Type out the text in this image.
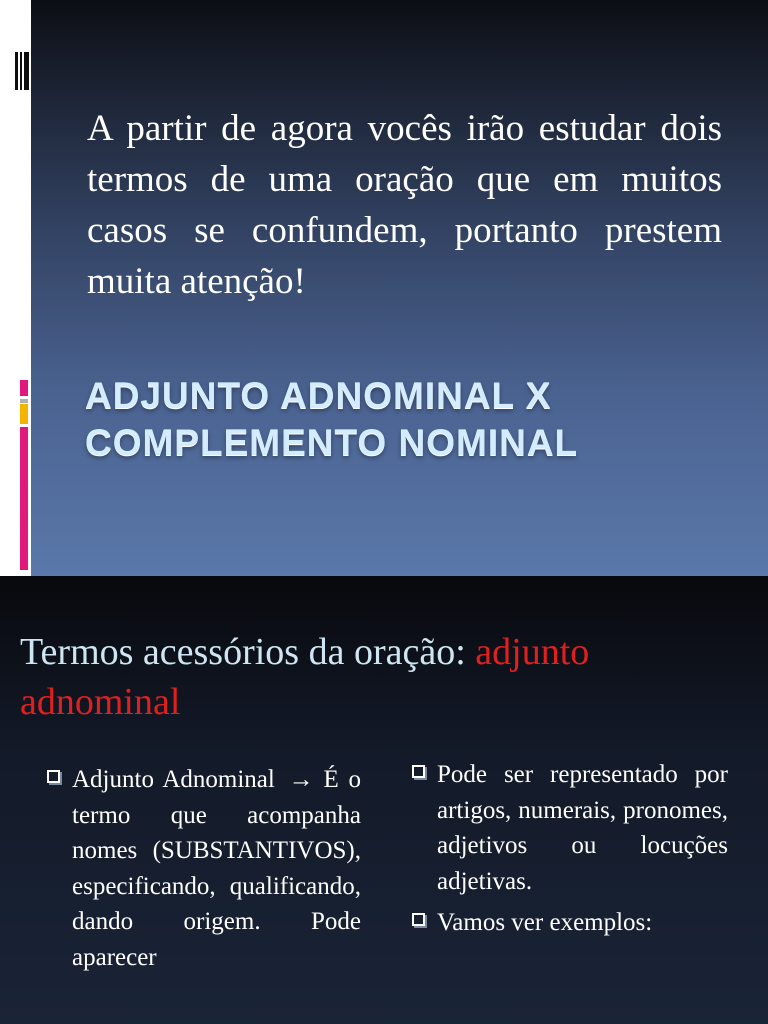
A partir de agora vocês irão estudar dois termos de uma oração que em muitos casos se confundem, portanto prestem muita atenção!
ADJUNTO ADNOMINAL X
COMPLEMENTO NOMINAL
Termos acessórios da oração: adjunto adnominal
Adjunto Adnominal → É o termo que acompanha nomes (SUBSTANTIVOS), especificando, qualificando, dando origem. Pode aparecer
Pode ser representado por artigos, numerais, pronomes, adjetivos ou locuções adjetivas.
Vamos ver exemplos:
